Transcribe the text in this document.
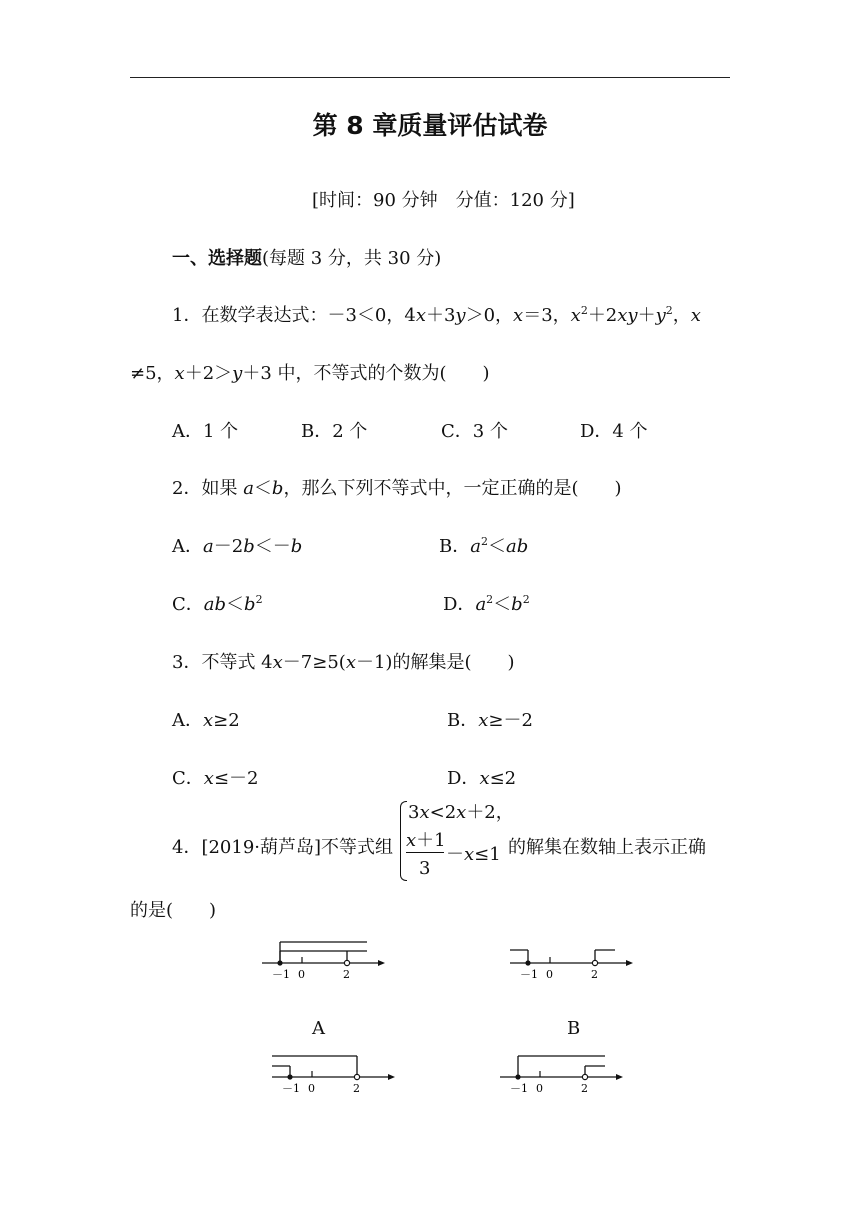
第 8 章质量评估试卷
[时间：90 分钟　分值：120 分]
一、选择题(每题 3 分，共 30 分)
1．在数学表达式：－3＜0，4x＋3y＞0，x＝3，$x^2+2xy+y^2$，x
≠5，x＋2＞y＋3 中，不等式的个数为(　　)
A．1 个	B．2 个	C．3 个	D．4 个
2．如果 a＜b，那么下列不等式中，一定正确的是(　　)
A．a－2b＜－b	B．$a^2<ab$
C．$ab<b^2$	D．$a^2<b^2$
3．不等式 4x－7≥5(x－1)的解集是(　　)
A．x≥2	B．x≥－2
C．x≤－2	D．x≤2
4．[2019·葫芦岛]不等式组
3x<2x＋2，
x＋1
3
－x≤1 的解集在数轴上表示正确
的是(　　)
－1 0	2
A
－1 0	2
B
－1 0	2	－1 0	2
